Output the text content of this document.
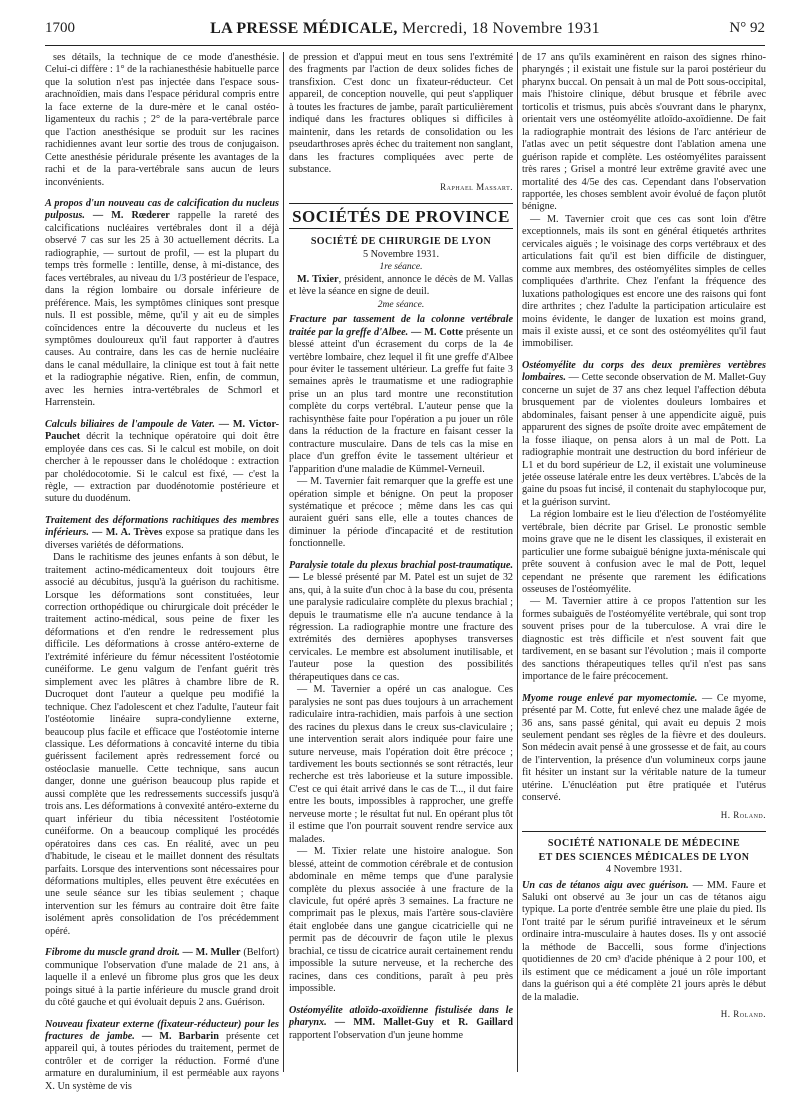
1700	LA PRESSE MÉDICALE, Mercredi, 18 Novembre 1931	N° 92

ses détails, la technique de ce mode d'anesthésie. Celui-ci diffère : 1° de la rachianesthésie habituelle parce que la solution n'est pas injectée dans l'espace sous-arachnoïdien, mais dans l'espace péridural compris entre la face externe de la dure-mère et le canal ostéo-ligamenteux du rachis ; 2° de la para-vertébrale parce que l'action anesthésique se produit sur les racines rachidiennes avant leur sortie des trous de conjugaison. Cette anesthésie péridurale présente les avantages de la rachi et de la para-vertébrale sans aucun de leurs inconvénients.

A propos d'un nouveau cas de calcification du nucleus pulposus. — M. Rœderer rappelle la rareté des calcifications nucléaires vertébrales dont il a déjà observé 7 cas sur les 25 à 30 actuellement décrits. La radiographie, — surtout de profil, — est la plupart du temps très formelle : lentille, dense, à mi-distance, des faces vertébrales, au niveau du 1/3 postérieur de l'espace, dans la région lombaire ou dorsale inférieure de préférence. Mais, les symptômes cliniques sont presque nuls. Il est possible, même, qu'il y ait eu de simples coïncidences entre la découverte du nucleus et les symptômes douloureux qu'il faut rapporter à d'autres causes. Au contraire, dans les cas de hernie nucléaire dans le canal médullaire, la clinique est tout à fait nette et la radiographie négative. Rien, enfin, de commun, avec les hernies intra-vertébrales de Schmorl et Harrenstein.

Calculs biliaires de l'ampoule de Vater. — M. Victor-Pauchet décrit la technique opératoire qui doit être employée dans ces cas. Si le calcul est mobile, on doit chercher à le repousser dans le cholédoque : extraction par cholédocotomie. Si le calcul est fixé, — c'est la règle, — extraction par duodénotomie postérieure et suture du duodénum.

Traitement des déformations rachitiques des membres inférieurs. — M. A. Trèves expose sa pratique dans les diverses variétés de déformations.

Dans le rachitisme des jeunes enfants à son début, le traitement actino-médicamenteux doit toujours être associé au décubitus, jusqu'à la guérison du rachitisme. Lorsque les déformations sont constituées, leur correction orthopédique ou chirurgicale doit précéder le traitement actino-médical, sous peine de fixer les déformations et d'en rendre le redressement plus difficile. Les déformations à crosse antéro-externe de l'extrémité inférieure du fémur nécessitent l'ostéotomie cunéiforme. Le genu valgum de l'enfant guérit très simplement avec les plâtres à chambre libre de R. Ducroquet dont l'auteur a quelque peu modifié la technique. Chez l'adolescent et chez l'adulte, l'auteur fait l'ostéotomie linéaire supra-condylienne externe, beaucoup plus facile et efficace que l'ostéotomie interne classique. Les déformations à concavité interne du tibia guérissent facilement après redressement forcé ou ostéoclasie manuelle. Cette technique, sans aucun danger, donne une guérison beaucoup plus rapide et aussi complète que les redressements successifs jusqu'à trois ans. Les déformations à convexité antéro-externe du quart inférieur du tibia nécessitent l'ostéotomie cunéiforme. On a beaucoup compliqué les procédés opératoires dans ces cas. En réalité, avec un peu d'habitude, le ciseau et le maillet donnent des résultats parfaits. Lorsque des interventions sont nécessaires pour déformations multiples, elles peuvent être exécutées en une seule séance sur les tibias seulement ; chaque intervention sur les fémurs au contraire doit être faite isolément après consolidation de l'os précédemment opéré.

Fibrome du muscle grand droit. — M. Muller (Belfort) communique l'observation d'une malade de 21 ans, à laquelle il a enlevé un fibrome plus gros que les deux poings situé à la partie inférieure du muscle grand droit du côté gauche et qui évoluait depuis 2 ans. Guérison.

Nouveau fixateur externe (fixateur-réducteur) pour les fractures de jambe. — M. Barbarin présente cet appareil qui, à toutes périodes du traitement, permet de contrôler et de corriger la réduction. Formé d'une armature en duraluminium, il est perméable aux rayons X. Un système de vis

de pression et d'appui meut en tous sens l'extrémité des fragments par l'action de deux solides fiches de transfixion. C'est donc un fixateur-réducteur. Cet appareil, de conception nouvelle, qui peut s'appliquer à toutes les fractures de jambe, paraît particulièrement indiqué dans les fractures obliques si difficiles à maintenir, dans les retards de consolidation ou les pseudarthroses après échec du traitement non sanglant, dans les fractures compliquées avec perte de substance.

Raphael Massart.

SOCIÉTÉS DE PROVINCE

SOCIÉTÉ DE CHIRURGIE DE LYON

5 Novembre 1931.

1re séance.

M. Tixier, président, annonce le décès de M. Vallas et lève la séance en signe de deuil.

2me séance.

Fracture par tassement de la colonne vertébrale traitée par la greffe d'Albee. — M. Cotte présente un blessé atteint d'un écrasement du corps de la 4e vertèbre lombaire, chez lequel il fit une greffe d'Albee pour éviter le tassement ultérieur. La greffe fut faite 3 semaines après le traumatisme et une radiographie prise un an plus tard montre une reconstitution complète du corps vertébral. L'auteur pense que la rachisynthèse faite pour l'opération a pu jouer un rôle dans la réduction de la fracture en faisant cesser la contracture musculaire. Dans de tels cas la mise en place d'un greffon évite le tassement ultérieur et l'apparition d'une maladie de Kümmel-Verneuil.

— M. Tavernier fait remarquer que la greffe est une opération simple et bénigne. On peut la proposer systématique et précoce ; même dans les cas qui auraient guéri sans elle, elle a toutes chances de diminuer la période d'incapacité et de restitution fonctionnelle.

Paralysie totale du plexus brachial post-traumatique. — Le blessé présenté par M. Patel est un sujet de 32 ans, qui, à la suite d'un choc à la base du cou, présenta une paralysie radiculaire complète du plexus brachial ; depuis le traumatisme elle n'a aucune tendance à la régression. La radiographie montre une fracture des extrémités des dernières apophyses transverses cervicales. Le membre est absolument inutilisable, et l'auteur pose la question des possibilités thérapeutiques dans ce cas.

— M. Tavernier a opéré un cas analogue. Ces paralysies ne sont pas dues toujours à un arrachement radiculaire intra-rachidien, mais parfois à une section des racines du plexus dans le creux sus-claviculaire ; une intervention serait alors indiquée pour faire une suture nerveuse, mais l'opération doit être précoce ; tardivement les bouts sectionnés se sont rétractés, leur recherche est très laborieuse et la suture impossible. C'est ce qui était arrivé dans le cas de T..., il dut faire entre les bouts, impossibles à rapprocher, une greffe nerveuse morte ; le résultat fut nul. En opérant plus tôt il estime que l'on pourrait souvent rendre service aux malades.

— M. Tixier relate une histoire analogue. Son blessé, atteint de commotion cérébrale et de contusion abdominale en même temps que d'une paralysie complète du plexus associée à une fracture de la clavicule, fut opéré après 3 semaines. La fracture ne comprimait pas le plexus, mais l'artère sous-clavière était englobée dans une gangue cicatricielle qui ne permit pas de découvrir de façon utile le plexus brachial, ce tissu de cicatrice aurait certainement rendu impossible la suture nerveuse, et la recherche des racines, dans ces conditions, paraît à peu près impossible.

Ostéomyélite atloïdo-axoïdienne fistulisée dans le pharynx. — MM. Mallet-Guy et R. Gaillard rapportent l'observation d'un jeune homme

de 17 ans qu'ils examinèrent en raison des signes rhino-pharyngés ; il existait une fistule sur la paroi postérieur du pharynx buccal. On pensait à un mal de Pott sous-occipital, mais l'histoire clinique, début brusque et fébrile avec torticolis et trismus, puis abcès s'ouvrant dans le pharynx, orientait vers une ostéomyélite atloïdo-axoïdienne. De fait la radiographie montrait des lésions de l'arc antérieur de l'atlas avec un petit séquestre dont l'ablation amena une guérison rapide et complète. Les ostéomyélites paraissent très rares ; Grisel a montré leur extrême gravité avec une mortalité des 4/5e des cas. Cependant dans l'observation rapportée, les choses semblent avoir évolué de façon plutôt bénigne.

— M. Tavernier croit que ces cas sont loin d'être exceptionnels, mais ils sont en général étiquetés arthrites cervicales aiguës ; le voisinage des corps vertébraux et des articulations fait qu'il est bien difficile de distinguer, comme aux membres, des ostéomyélites simples de celles compliquées d'arthrite. Chez l'enfant la fréquence des luxations pathologiques est encore une des raisons qui font dire arthrites ; chez l'adulte la participation articulaire est moins évidente, le danger de luxation est moins grand, mais il existe aussi, et ce sont des ostéomyélites qu'il faut immobiliser.

Ostéomyélite du corps des deux premières vertèbres lombaires. — Cette seconde observation de M. Mallet-Guy concerne un sujet de 37 ans chez lequel l'affection débuta brusquement par de violentes douleurs lombaires et abdominales, faisant penser à une appendicite aiguë, puis apparurent des signes de psoïte droite avec empâtement de la fosse iliaque, on pensa alors à un mal de Pott. La radiographie montrait une destruction du bord inférieur de L1 et du bord supérieur de L2, il existait une volumineuse jetée osseuse latérale entre les deux vertèbres. L'abcès de la gaine du psoas fut incisé, il contenait du staphylocoque pur, et la guérison survint.

La région lombaire est le lieu d'élection de l'ostéomyélite vertébrale, bien décrite par Grisel. Le pronostic semble moins grave que ne le disent les classiques, il existerait en particulier une forme subaiguë bénigne juxta-méniscale qui prête souvent à confusion avec le mal de Pott, lequel cependant ne présente que rarement les édifications osseuses de l'ostéomyélite.

— M. Tavernier attire à ce propos l'attention sur les formes subaiguës de l'ostéomyélite vertébrale, qui sont trop souvent prises pour de la tuberculose. A vrai dire le diagnostic est très difficile et n'est souvent fait que tardivement, en se basant sur l'évolution ; mais il comporte des sanctions thérapeutiques telles qu'il n'est pas sans importance de le faire précocement.

Myome rouge enlevé par myomectomie. — Ce myome, présenté par M. Cotte, fut enlevé chez une malade âgée de 36 ans, sans passé génital, qui avait eu depuis 2 mois seulement pendant ses règles de la fièvre et des douleurs. Son médecin avait pensé à une grossesse et de fait, au cours de l'intervention, la présence d'un volumineux corps jaune fit hésiter un instant sur la véritable nature de la tumeur utérine. L'énucléation put être pratiquée et l'utérus conservé.

H. Roland.

SOCIÉTÉ NATIONALE DE MÉDECINE

ET DES SCIENCES MÉDICALES DE LYON

4 Novembre 1931.

Un cas de tétanos aigu avec guérison. — MM. Faure et Saluki ont observé au 3e jour un cas de tétanos aigu typique. La porte d'entrée semble être une plaie du pied. Ils l'ont traité par le sérum purifié intraveineux et le sérum ordinaire intra-musculaire à hautes doses. Ils y ont associé la méthode de Baccelli, sous forme d'injections quotidiennes de 20 cm³ d'acide phénique à 2 pour 100, et ils estiment que ce médicament a joué un rôle important dans la guérison qui a été complète 21 jours après le début de la maladie.

H. Roland.
